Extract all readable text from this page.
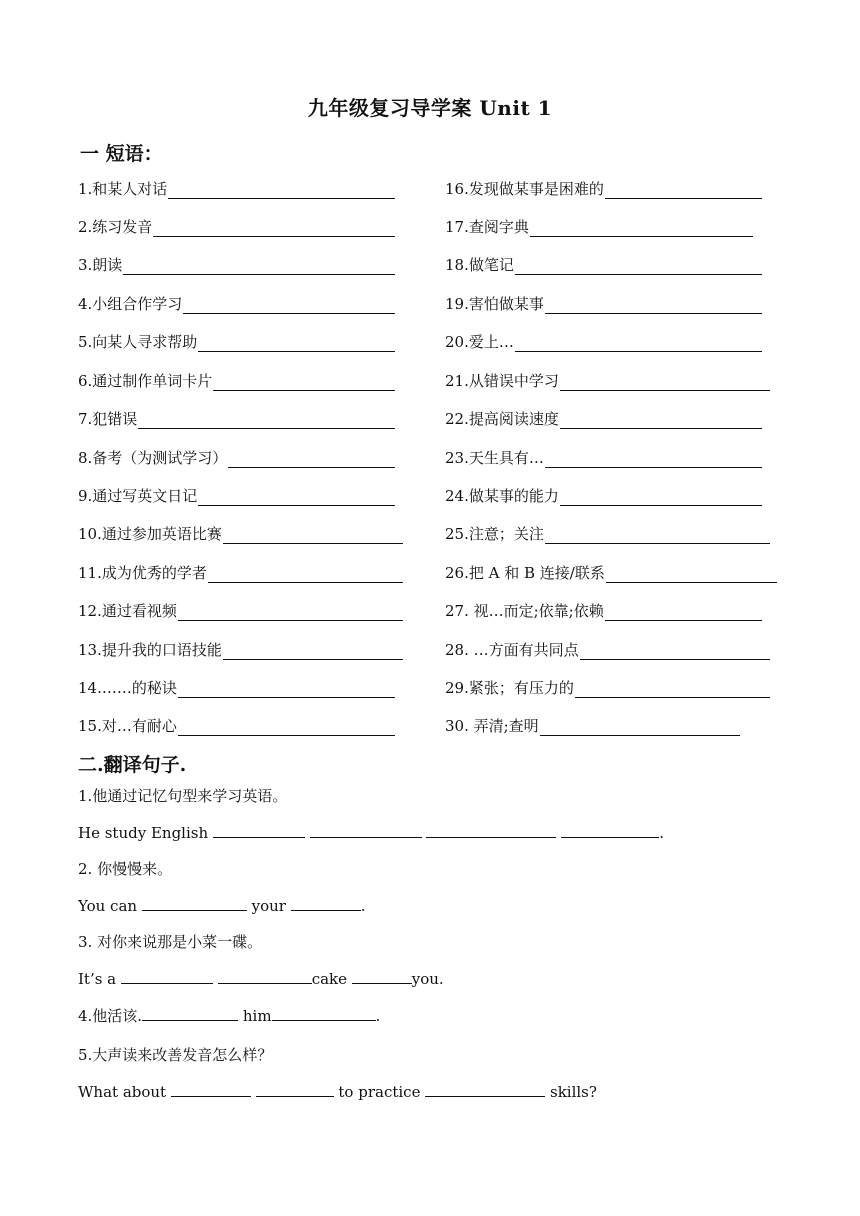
九年级复习导学案 Unit 1
一 短语：
1.和某人对话
2.练习发音
3.朗读
4.小组合作学习
5.向某人寻求帮助
6.通过制作单词卡片
7.犯错误
8.备考（为测试学习）
9.通过写英文日记
10.通过参加英语比赛
11.成为优秀的学者
12.通过看视频
13.提升我的口语技能
14.……的秘诀
15.对…有耐心
16.发现做某事是困难的
17.查阅字典
18.做笔记
19.害怕做某事
20.爱上…
21.从错误中学习
22.提高阅读速度
23.天生具有…
24.做某事的能力
25.注意；关注
26.把 A 和 B 连接/联系
27. 视…而定;依靠;依赖
28. …方面有共同点
29.紧张；有压力的
30. 弄清;查明
二.翻译句子.
1.他通过记忆句型来学习英语。
He study English	.
2. 你慢慢来。
You can	your	.
3. 对你来说那是小菜一碟。
It’s a	cake	you.
4.他活该.	him	.
5.大声读来改善发音怎么样？
What about	to practice	skills?
